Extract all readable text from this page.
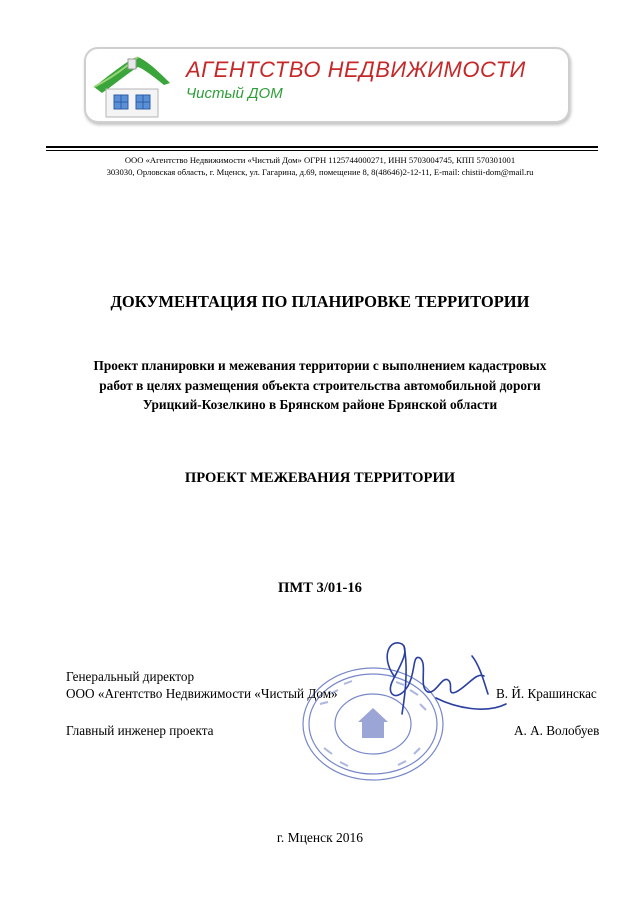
АГЕНТСТВО НЕДВИЖИМОСТИ
Чистый ДОМ
ООО «Агентство Недвижимости «Чистый Дом» ОГРН 1125744000271, ИНН 5703004745, КПП 570301001
303030, Орловская область, г. Мценск, ул. Гагарина, д.69, помещение 8, 8(48646)2-12-11, E-mail: chistii-dom@mail.ru
ДОКУМЕНТАЦИЯ ПО ПЛАНИРОВКЕ ТЕРРИТОРИИ
Проект планировки и межевания территории с выполнением кадастровых
работ в целях размещения объекта строительства автомобильной дороги
Урицкий-Козелкино в Брянском районе Брянской области
ПРОЕКТ МЕЖЕВАНИЯ ТЕРРИТОРИИ
ПМТ 3/01-16
Генеральный директор
ООО «Агентство Недвижимости «Чистый Дом»	В. Й. Крашинскас
Главный инженер проекта	А. А. Волобуев
г. Мценск 2016
